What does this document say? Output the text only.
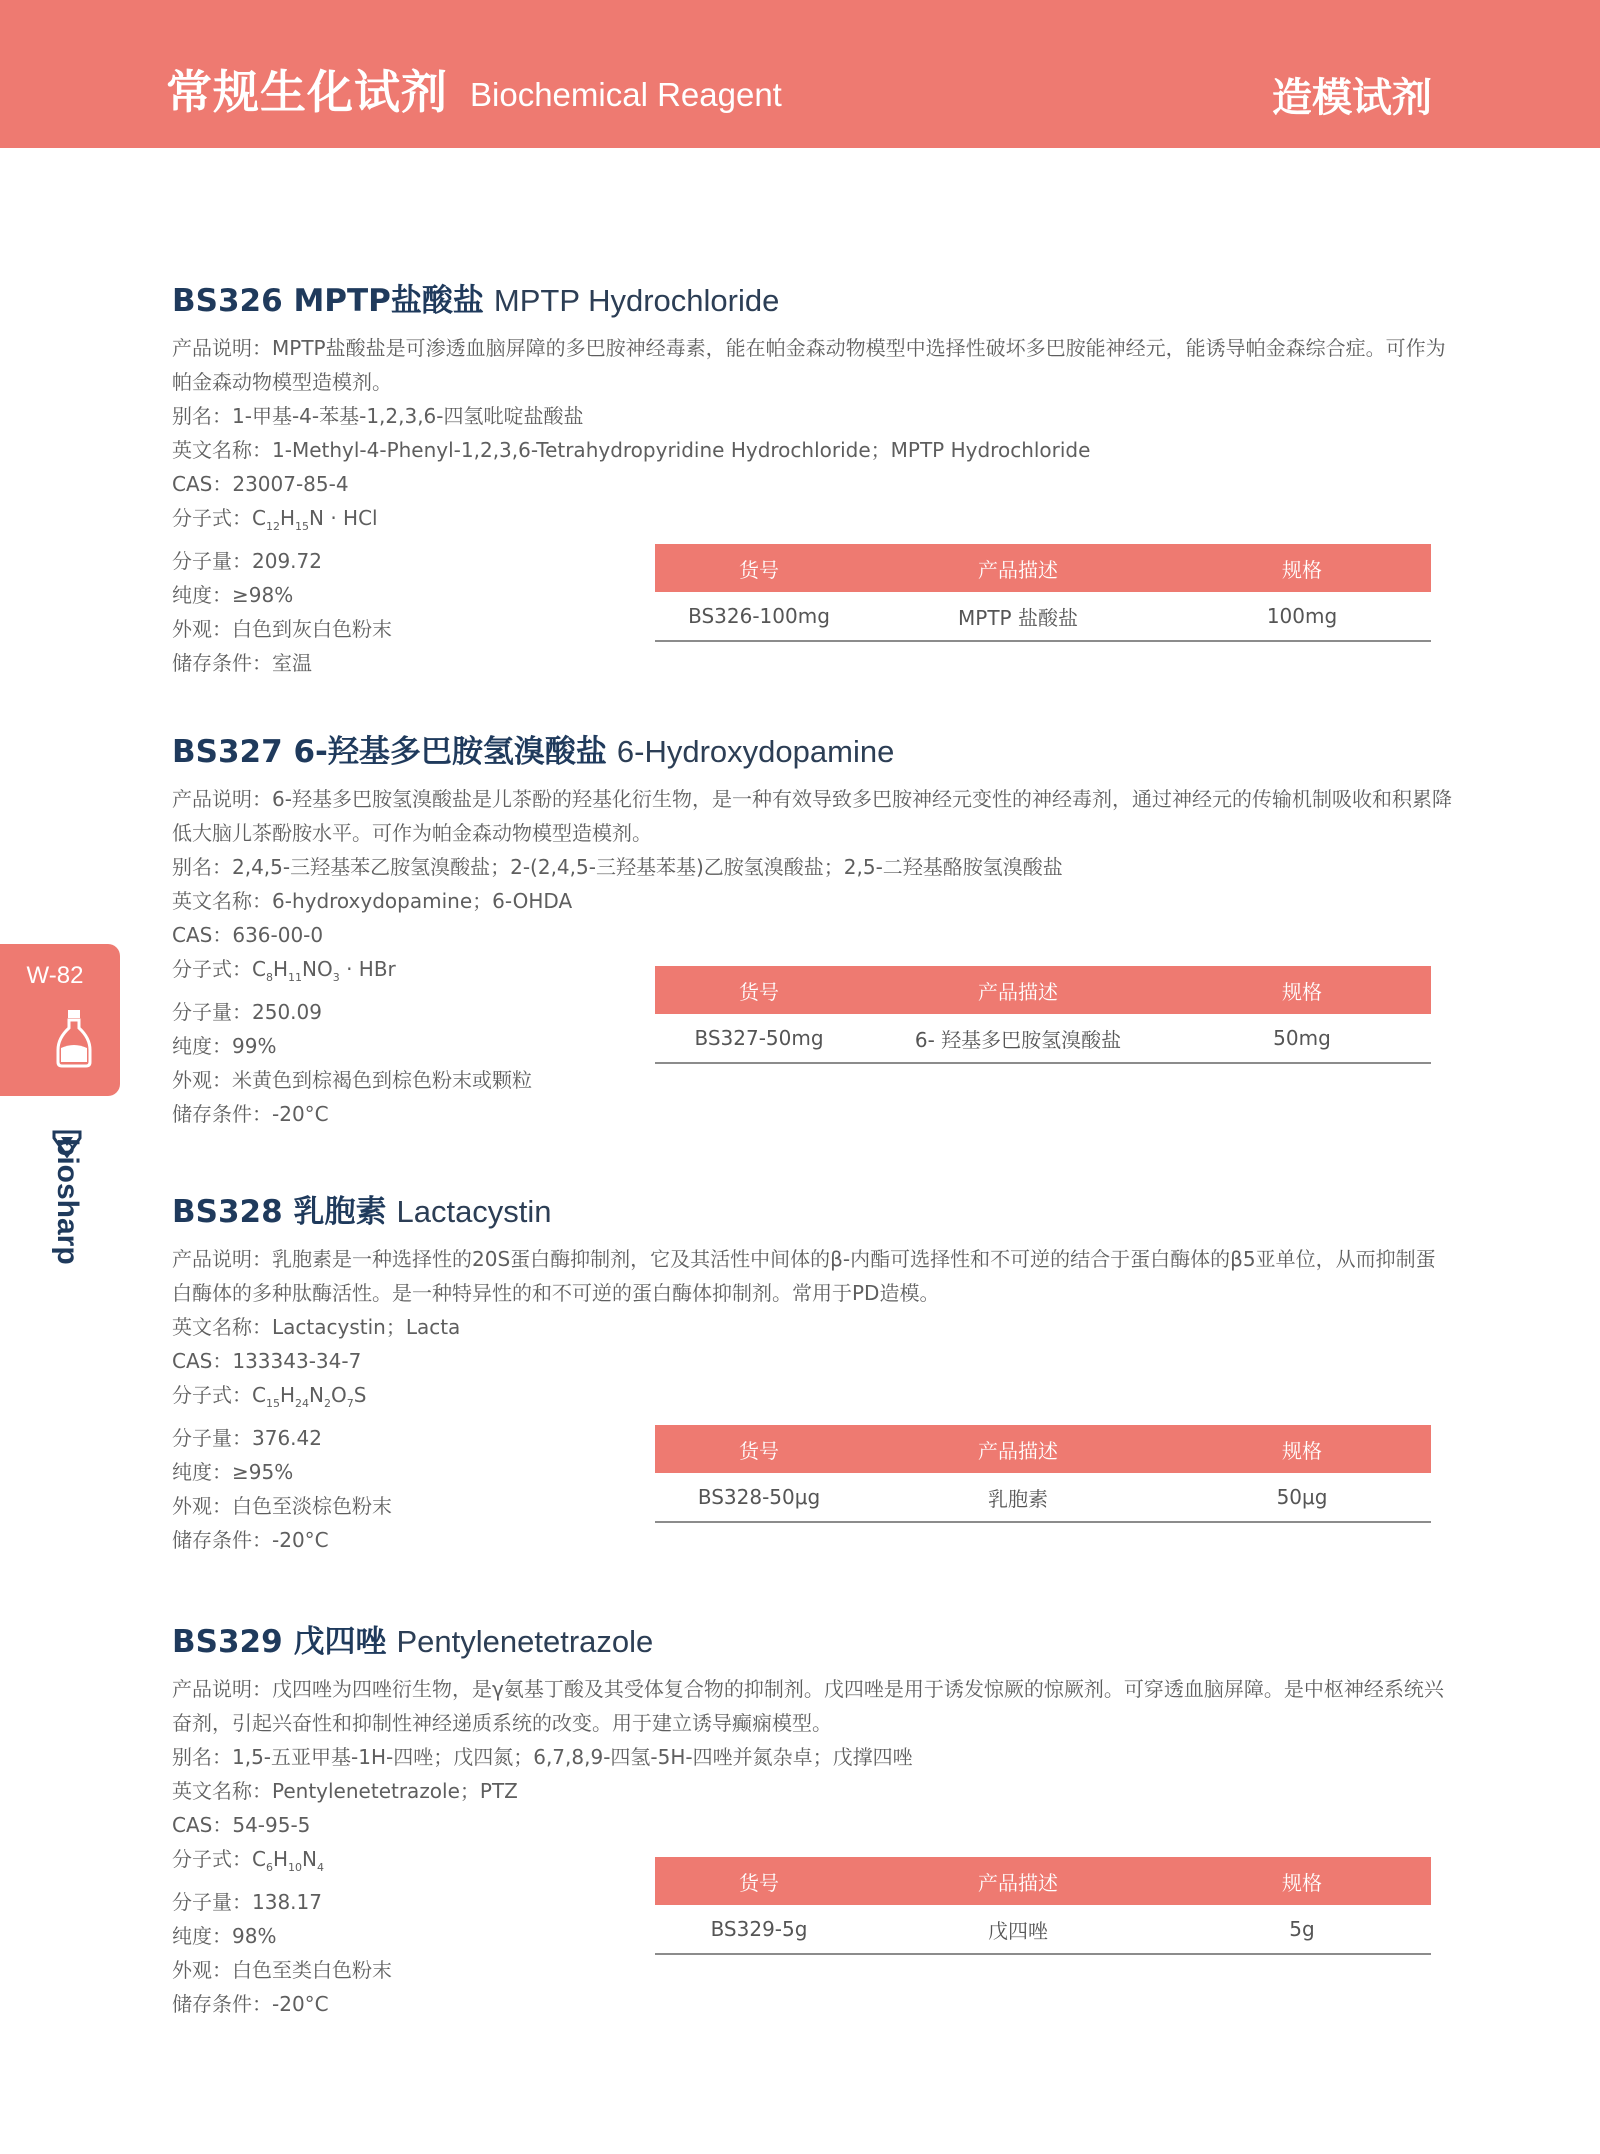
常规生化试剂 Biochemical Reagent	造模试剂
W-82
biosharp
BS326 MPTP盐酸盐 MPTP Hydrochloride
产品说明：MPTP盐酸盐是可渗透血脑屏障的多巴胺神经毒素，能在帕金森动物模型中选择性破坏多巴胺能神经元，能诱导帕金森综合症。可作为帕金森动物模型造模剂。
别名：1-甲基-4-苯基-1,2,3,6-四氢吡啶盐酸盐
英文名称：1-Methyl-4-Phenyl-1,2,3,6-Tetrahydropyridine Hydrochloride；MPTP Hydrochloride
CAS：23007-85-4
分子式：$C_{12}H_{15}N$ · HCl
分子量：209.72
纯度：≥98%
外观：白色到灰白色粉末
储存条件：室温
货号	产品描述	规格
BS326-100mg	MPTP 盐酸盐	100mg
BS327 6-羟基多巴胺氢溴酸盐 6-Hydroxydopamine
产品说明：6-羟基多巴胺氢溴酸盐是儿茶酚的羟基化衍生物，是一种有效导致多巴胺神经元变性的神经毒剂，通过神经元的传输机制吸收和积累降低大脑儿茶酚胺水平。可作为帕金森动物模型造模剂。
别名：2,4,5-三羟基苯乙胺氢溴酸盐；2-(2,4,5-三羟基苯基)乙胺氢溴酸盐；2,5-二羟基酪胺氢溴酸盐
英文名称：6-hydroxydopamine；6-OHDA
CAS：636-00-0
分子式：$C_8H_{11}NO_3$ · HBr
分子量：250.09
纯度：99%
外观：米黄色到棕褐色到棕色粉末或颗粒
储存条件：-20°C
货号	产品描述	规格
BS327-50mg	6- 羟基多巴胺氢溴酸盐	50mg
BS328 乳胞素 Lactacystin
产品说明：乳胞素是一种选择性的20S蛋白酶抑制剂，它及其活性中间体的β-内酯可选择性和不可逆的结合于蛋白酶体的β5亚单位，从而抑制蛋白酶体的多种肽酶活性。是一种特异性的和不可逆的蛋白酶体抑制剂。常用于PD造模。
英文名称：Lactacystin；Lacta
CAS：133343-34-7
分子式：$C_{15}H_{24}N_2O_7S$
分子量：376.42
纯度：≥95%
外观：白色至淡棕色粉末
储存条件：-20°C
货号	产品描述	规格
BS328-50μg	乳胞素	50μg
BS329 戊四唑 Pentylenetetrazole
产品说明：戊四唑为四唑衍生物，是γ氨基丁酸及其受体复合物的抑制剂。戊四唑是用于诱发惊厥的惊厥剂。可穿透血脑屏障。是中枢神经系统兴奋剂，引起兴奋性和抑制性神经递质系统的改变。用于建立诱导癫痫模型。
别名：1,5-五亚甲基-1H-四唑；戊四氮；6,7,8,9-四氢-5H-四唑并氮杂卓；戊撑四唑
英文名称：Pentylenetetrazole；PTZ
CAS：54-95-5
分子式：$C_6H_{10}N_4$
分子量：138.17
纯度：98%
外观：白色至类白色粉末
储存条件：-20°C
货号	产品描述	规格
BS329-5g	戊四唑	5g
